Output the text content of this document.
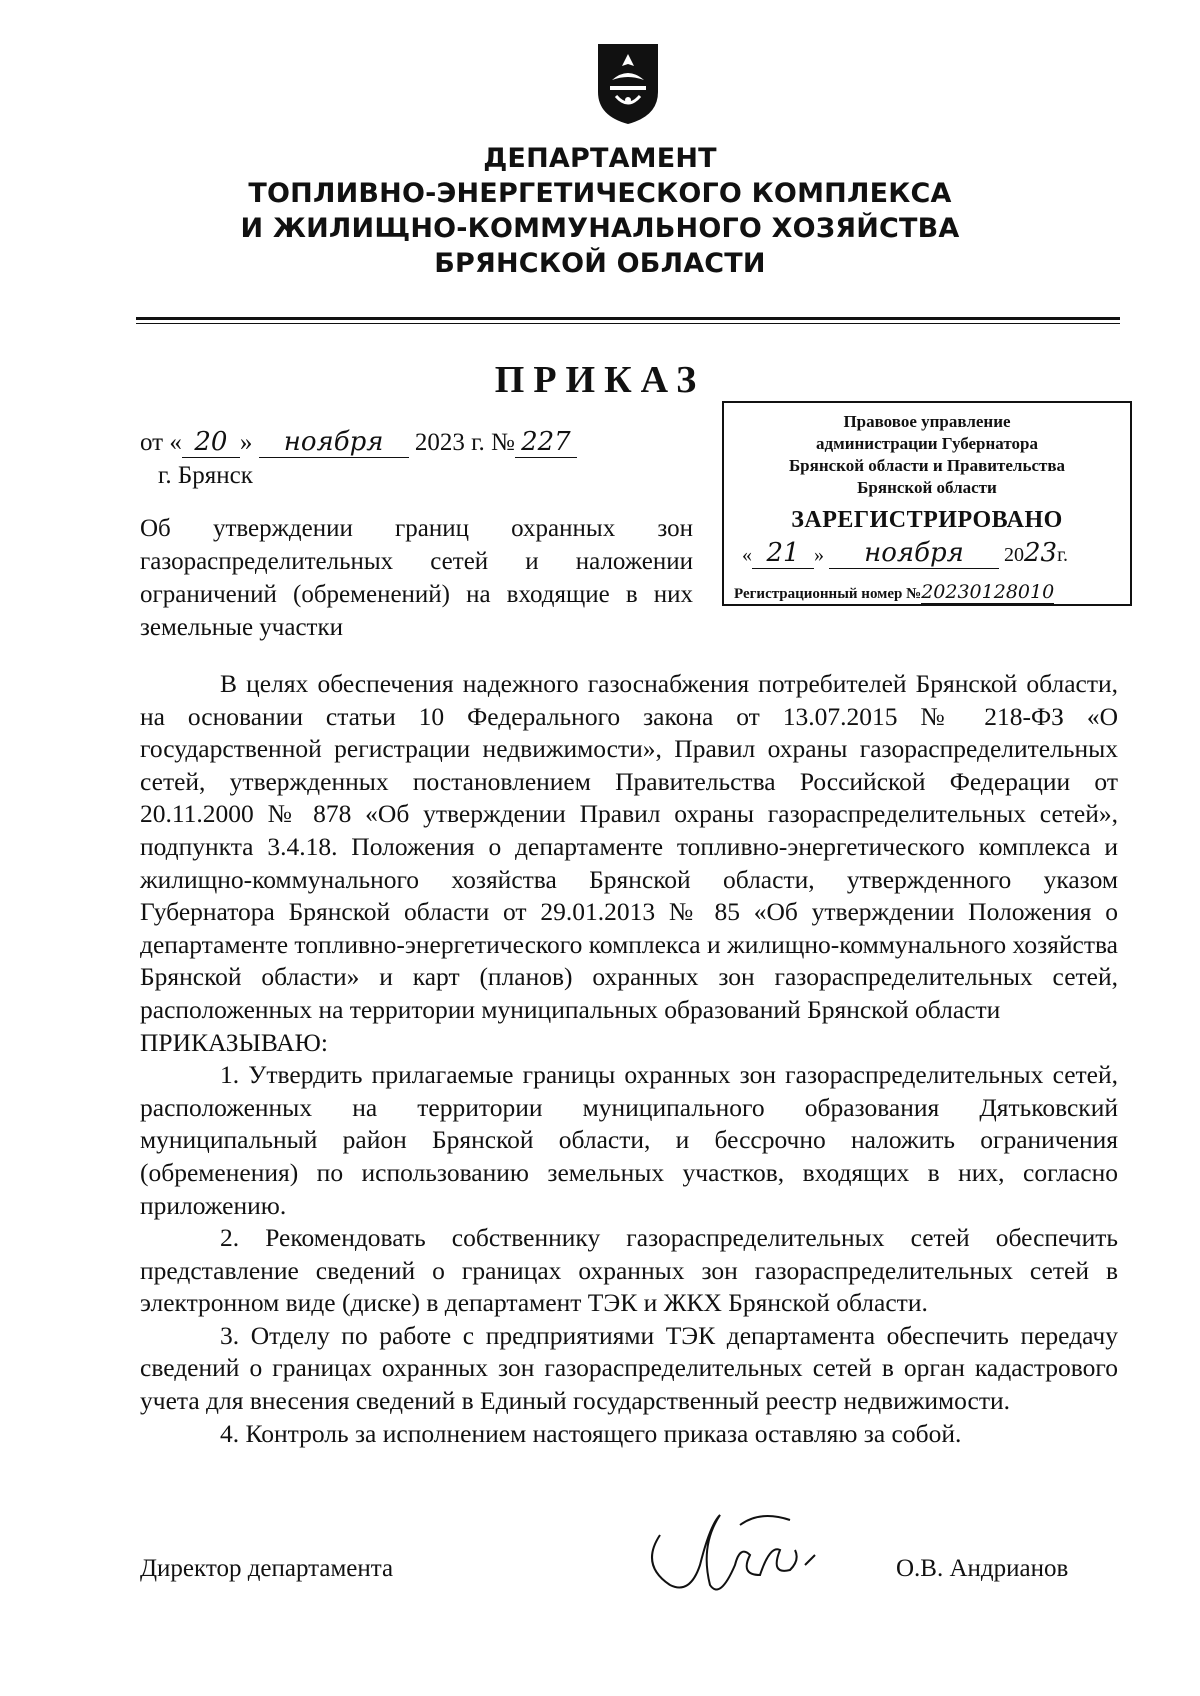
ДЕПАРТАМЕНТ
ТОПЛИВНО-ЭНЕРГЕТИЧЕСКОГО КОМПЛЕКСА
И ЖИЛИЩНО-КОММУНАЛЬНОГО ХОЗЯЙСТВА
БРЯНСКОЙ ОБЛАСТИ
ПРИКАЗ
от « 20 » ноября 2023 г. № 227
г. Брянск
Об утверждении границ охранных зон газораспределительных сетей и наложении ограничений (обременений) на входящие в них земельные участки
Правовое управление
администрации Губернатора
Брянской области и Правительства
Брянской области
ЗАРЕГИСТРИРОВАНО
« 21 » ноября 2023г.
Регистрационный номер №20230128010

В целях обеспечения надежного газоснабжения потребителей Брянской области, на основании статьи 10 Федерального закона от 13.07.2015 № 218-ФЗ «О государственной регистрации недвижимости», Правил охраны газораспределительных сетей, утвержденных постановлением Правительства Российской Федерации от 20.11.2000 № 878 «Об утверждении Правил охраны газораспределительных сетей», подпункта 3.4.18. Положения о департаменте топливно-энергетического комплекса и жилищно-коммунального хозяйства Брянской области, утвержденного указом Губернатора Брянской области от 29.01.2013 № 85 «Об утверждении Положения о департаменте топливно-энергетического комплекса и жилищно-коммунального хозяйства Брянской области» и карт (планов) охранных зон газораспределительных сетей, расположенных на территории муниципальных образований Брянской области

ПРИКАЗЫВАЮ:

1. Утвердить прилагаемые границы охранных зон газораспределительных сетей, расположенных на территории муниципального образования Дятьковский муниципальный район Брянской области, и бессрочно наложить ограничения (обременения) по использованию земельных участков, входящих в них, согласно приложению.

2. Рекомендовать собственнику газораспределительных сетей обеспечить представление сведений о границах охранных зон газораспределительных сетей в электронном виде (диске) в департамент ТЭК и ЖКХ Брянской области.

3. Отделу по работе с предприятиями ТЭК департамента обеспечить передачу сведений о границах охранных зон газораспределительных сетей в орган кадастрового учета для внесения сведений в Единый государственный реестр недвижимости.

4. Контроль за исполнением настоящего приказа оставляю за собой.

Директор департамента	О.В. Андрианов
